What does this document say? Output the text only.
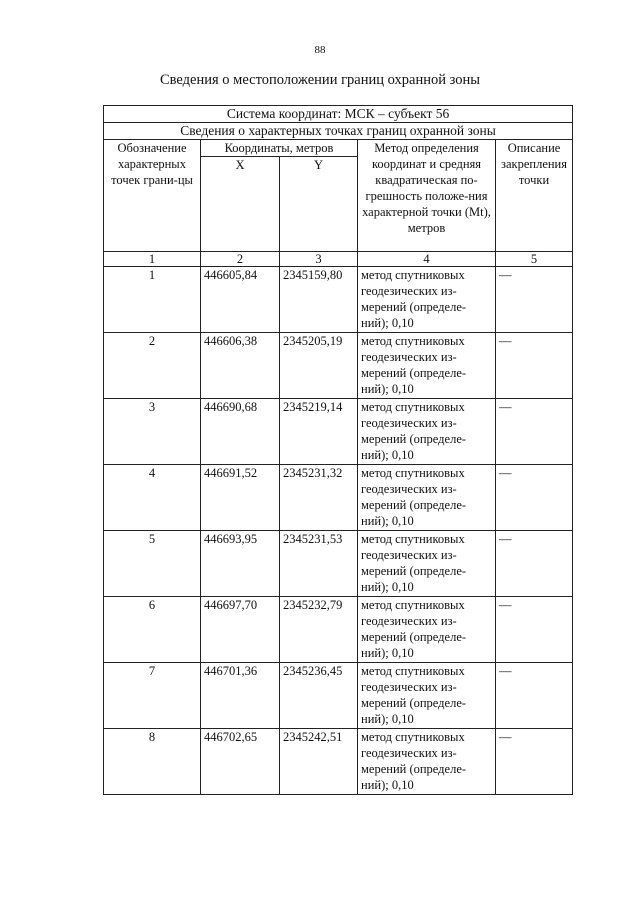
88
Сведения о местоположении границ охранной зоны
Система координат: МСК – субъект 56				
Сведения о характерных точках границ охранной зоны				
Обозначение характерных точек грани-цы	Координаты, метров		Метод определения координат и средняя квадратическая по-грешность положе-ния характерной точки (Mt), метров	Описание закрепления точки
	X	Y		
1	2	3	4	5
1	446605,84	2345159,80	метод спутниковых геодезических из-мерений (определе-ний); 0,10	—
2	446606,38	2345205,19	метод спутниковых геодезических из-мерений (определе-ний); 0,10	—
3	446690,68	2345219,14	метод спутниковых геодезических из-мерений (определе-ний); 0,10	—
4	446691,52	2345231,32	метод спутниковых геодезических из-мерений (определе-ний); 0,10	—
5	446693,95	2345231,53	метод спутниковых геодезических из-мерений (определе-ний); 0,10	—
6	446697,70	2345232,79	метод спутниковых геодезических из-мерений (определе-ний); 0,10	—
7	446701,36	2345236,45	метод спутниковых геодезических из-мерений (определе-ний); 0,10	—
8	446702,65	2345242,51	метод спутниковых геодезических из-мерений (определе-ний); 0,10	—
